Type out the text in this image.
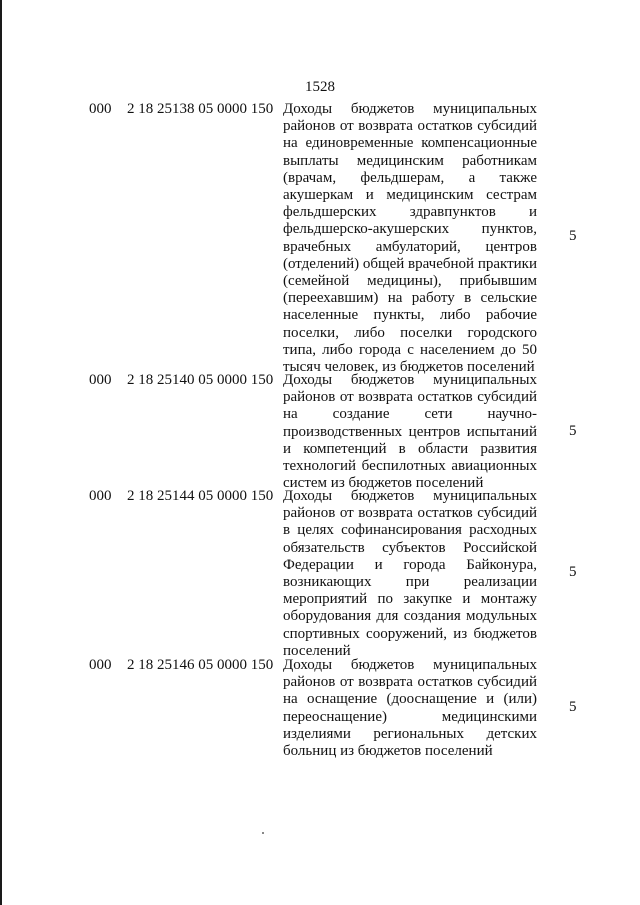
1528
000 2 18 25138 05 0000 150 Доходы бюджетов муниципальных районов от возврата остатков субсидий на единовременные компенсационные выплаты медицинским работникам (врачам, фельдшерам, а также акушеркам и медицинским сестрам фельдшерских здравпунктов и фельдшерско-акушерских пунктов, врачебных амбулаторий, центров (отделений) общей врачебной практики (семейной медицины), прибывшим (переехавшим) на работу в сельские населенные пункты, либо рабочие поселки, либо поселки городского типа, либо города с населением до 50 тысяч человек, из бюджетов поселений
5
000 2 18 25140 05 0000 150 Доходы бюджетов муниципальных районов от возврата остатков субсидий на создание сети научно-производственных центров испытаний и компетенций в области развития технологий беспилотных авиационных систем из бюджетов поселений
5
000 2 18 25144 05 0000 150 Доходы бюджетов муниципальных районов от возврата остатков субсидий в целях софинансирования расходных обязательств субъектов Российской Федерации и города Байконура, возникающих при реализации мероприятий по закупке и монтажу оборудования для создания модульных спортивных сооружений, из бюджетов поселений
5
000 2 18 25146 05 0000 150 Доходы бюджетов муниципальных районов от возврата остатков субсидий на оснащение (дооснащение и (или) переоснащение) медицинскими изделиями региональных детских больниц из бюджетов поселений
5
